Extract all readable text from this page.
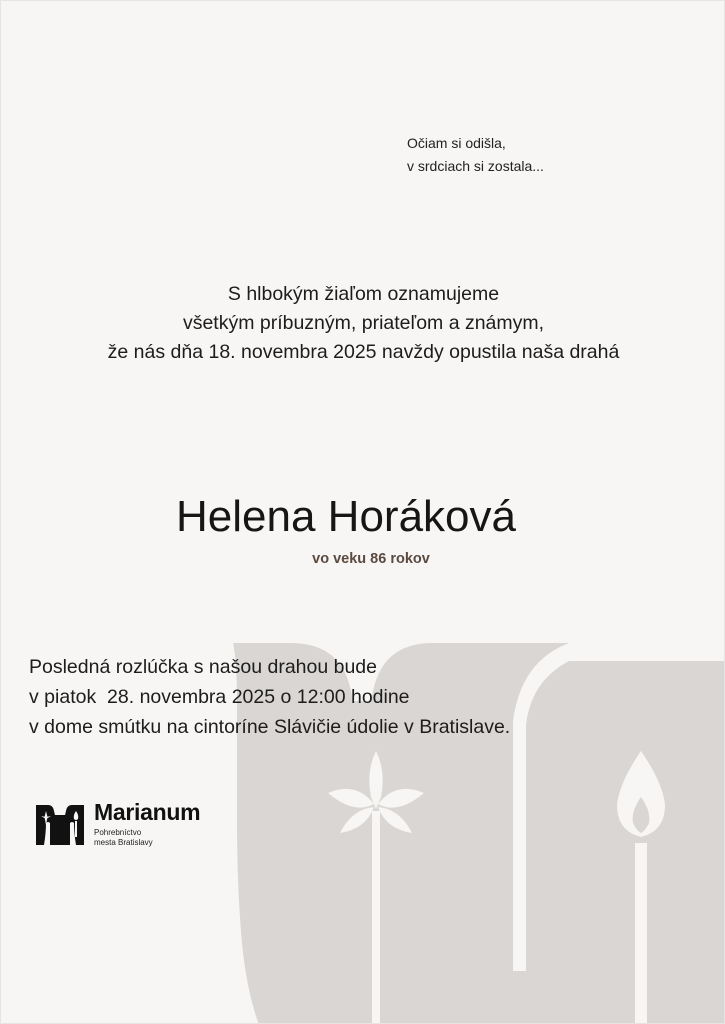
Očiam si odišla,
v srdciach si zostala...
S hlbokým žiaľom oznamujeme
všetkým príbuzným, priateľom a známym,
že nás dňa 18. novembra 2025 navždy opustila naša drahá
Helena Horáková
vo veku 86 rokov
Posledná rozlúčka s našou drahou bude
v piatok  28. novembra 2025 o 12:00 hodine
v dome smútku na cintoríne Slávičie údolie v Bratislave.
Marianum
Pohrebníctvo
mesta Bratislavy
